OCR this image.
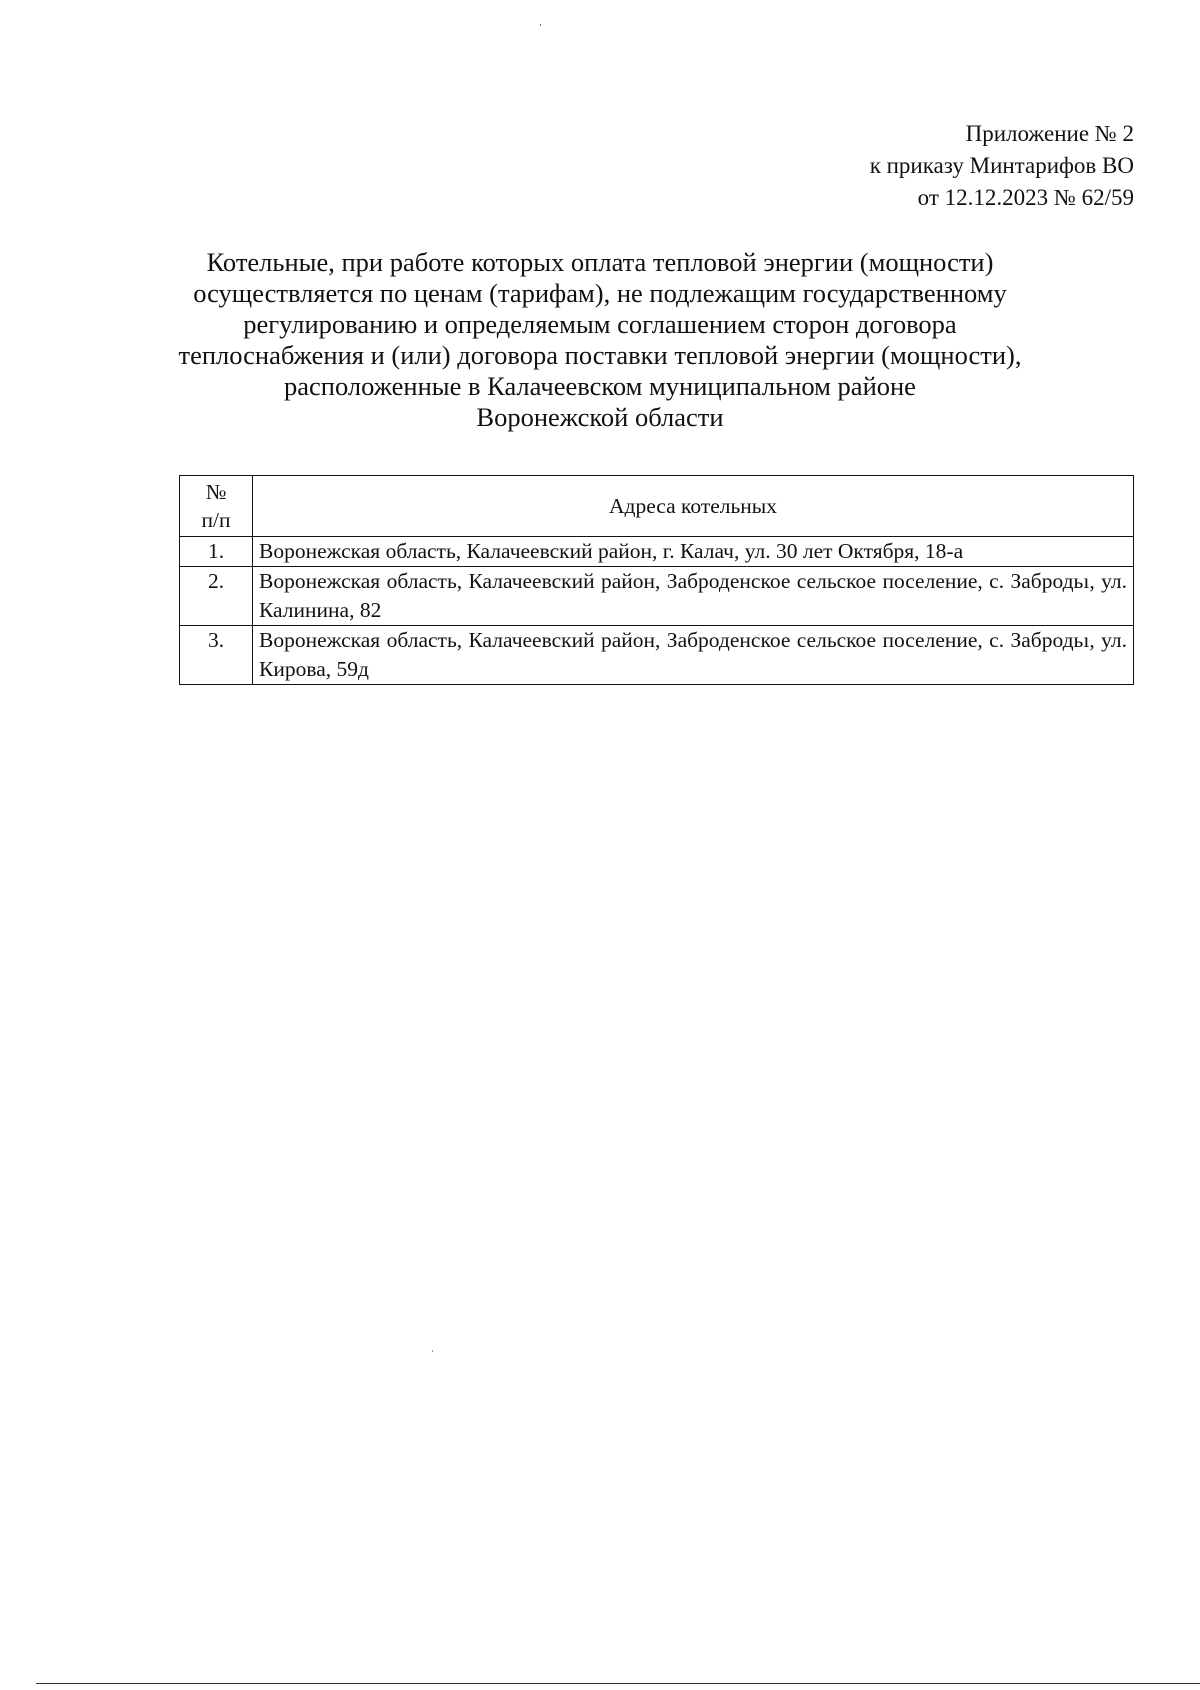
Приложение № 2
к приказу Минтарифов ВО
от 12.12.2023 № 62/59
Котельные, при работе которых оплата тепловой энергии (мощности)
осуществляется по ценам (тарифам), не подлежащим государственному
регулированию и определяемым соглашением сторон договора
теплоснабжения и (или) договора поставки тепловой энергии (мощности),
расположенные в Калачеевском муниципальном районе
Воронежской области
№
п/п	Адреса котельных
1.	Воронежская область, Калачеевский район, г. Калач, ул. 30 лет Октября, 18-а
2.	Воронежская область, Калачеевский район, Заброденское сельское поселение, с. Забродьı, ул. Калинина, 82
3.	Воронежская область, Калачеевский район, Заброденское сельское поселение, с. Забродьı, ул. Кирова, 59д
